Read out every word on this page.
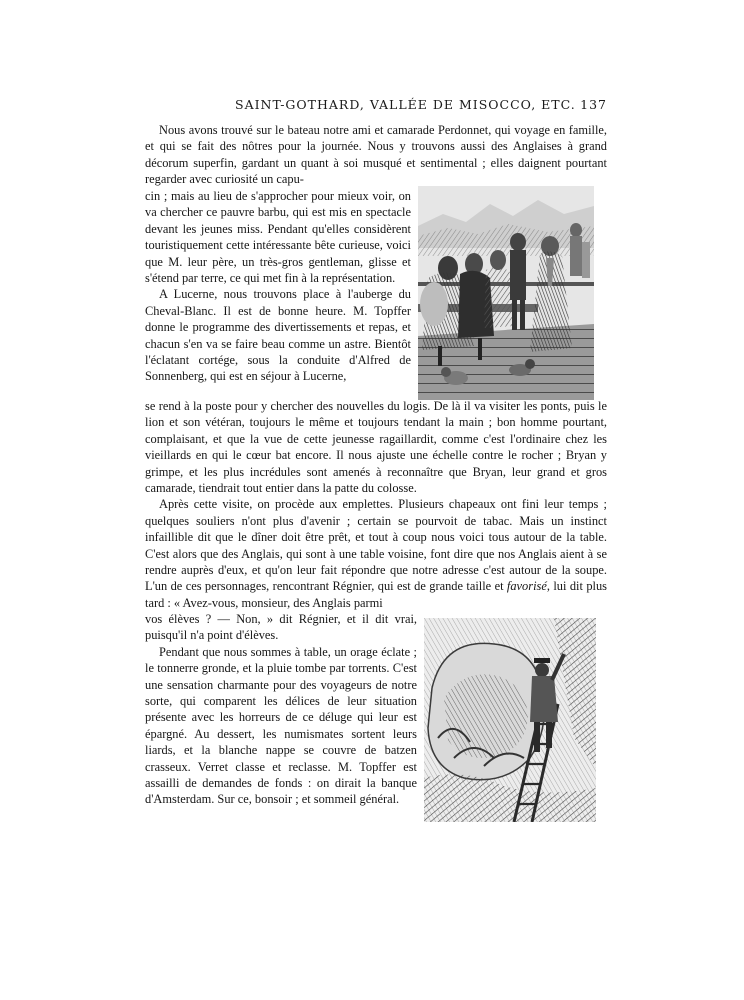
SAINT-GOTHARD, VALLÉE DE MISOCCO, ETC. 137

Nous avons trouvé sur le bateau notre ami et camarade Perdonnet, qui voyage en famille, et qui se fait des nôtres pour la journée. Nous y trouvons aussi des Anglaises à grand décorum superfin, gardant un quant à soi musqué et sentimental ; elles daignent pourtant regarder avec curiosité un capu-

cin ; mais au lieu de s'approcher pour mieux voir, on va chercher ce pauvre barbu, qui est mis en spectacle devant les jeunes miss. Pendant qu'elles considèrent touristiquement cette intéressante bête curieuse, voici que M. leur père, un très-gros gentleman, glisse et s'étend par terre, ce qui met fin à la représentation.

A Lucerne, nous trouvons place à l'auberge du Cheval-Blanc. Il est de bonne heure. M. Topffer donne le programme des divertissements et repas, et chacun s'en va se faire beau comme un astre. Bientôt l'éclatant cortége, sous la conduite d'Alfred de Sonnenberg, qui est en séjour à Lucerne,

se rend à la poste pour y chercher des nouvelles du logis. De là il va visiter les ponts, puis le lion et son vétéran, toujours le même et toujours tendant la main ; bon homme pourtant, complaisant, et que la vue de cette jeunesse ragaillardit, comme c'est l'ordinaire chez les vieillards en qui le cœur bat encore. Il nous ajuste une échelle contre le rocher ; Bryan y grimpe, et les plus incrédules sont amenés à reconnaître que Bryan, leur grand et gros camarade, tiendrait tout entier dans la patte du colosse.

Après cette visite, on procède aux emplettes. Plusieurs chapeaux ont fini leur temps ; quelques souliers n'ont plus d'avenir ; certain se pourvoit de tabac. Mais un instinct infaillible dit que le dîner doit être prêt, et tout à coup nous voici tous autour de la table. C'est alors que des Anglais, qui sont à une table voisine, font dire que nos Anglais aient à se rendre auprès d'eux, et qu'on leur fait répondre que notre adresse c'est autour de la soupe. L'un de ces personnages, rencontrant Régnier, qui est de grande taille et favorisé, lui dit plus tard : « Avez-vous, monsieur, des Anglais parmi

vos élèves ? — Non, » dit Régnier, et il dit vrai, puisqu'il n'a point d'élèves.

Pendant que nous sommes à table, un orage éclate ; le tonnerre gronde, et la pluie tombe par torrents. C'est une sensation charmante pour des voyageurs de notre sorte, qui comparent les délices de leur situation présente avec les horreurs de ce déluge qui leur est épargné. Au dessert, les numismates sortent leurs liards, et la blanche nappe se couvre de batzen crasseux. Verret classe et reclasse. M. Topffer est assailli de demandes de fonds : on dirait la banque d'Amsterdam. Sur ce, bonsoir ; et sommeil général.
